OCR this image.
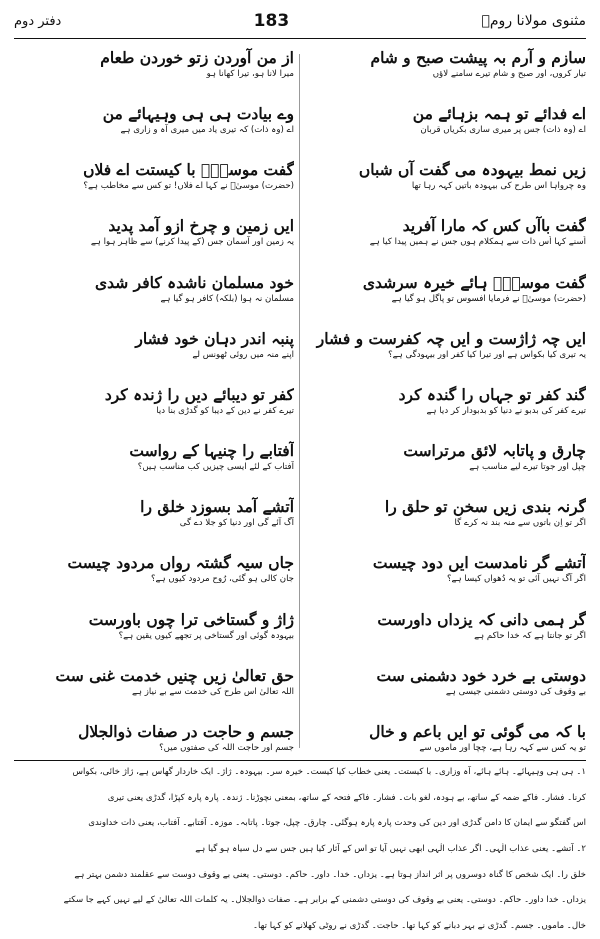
دفتر دوم	183	مثنوی مولانا رومؒ
سازم و آرم بہ پیشت صبح و شام
تیار کروں، اور صبح و شام تیرے سامنے لاؤں
اے فدائے تو ہمہ بزہائے من
اے (وہ ذات) جس پر میری ساری بکریاں قربان
زیں نمط بیہودہ می گفت آں شباں
وہ چرواہا اس طرح کی بیہودہ باتیں کہہ رہا تھا
گفت باآں کس کہ مارا آفرید
اُسنے کہا اُس ذات سے ہمکلام ہوں جس نے ہمیں پیدا کیا ہے
گفت موسیٰؑ ہائے خیرہ سرشدی
(حضرت) موسیٰؑ نے فرمایا افسوس تو پاگل ہو گیا ہے
ایں چہ ژاژست و ایں چہ کفرست و فشار
یہ تیری کیا بکواس ہے اور تیرا کیا کفر اور بیہودگی ہے؟
گند کفر تو جہاں را گندہ کرد
تیرے کفر کی بدبو نے دنیا کو بدبودار کر دیا ہے
چارق و پاتابہ لائق مرتراست
چپل اور جوتا تیرے لیے مناسب ہے
گرنہ بندی زیں سخن تو حلق را
اگر تو اِن باتوں سے منہ بند نہ کرے گا
آتشے گر نامدست ایں دود چیست
اگر آگ نہیں آئی تو یہ دُھواں کیسا ہے؟
گر ہمی دانی کہ یزداں داورست
اگر تو جانتا ہے کہ خدا حاکم ہے
دوستی بے خرد خود دشمنی ست
بے وقوف کی دوستی دشمنی جیسی ہے
با کہ می گوئی تو ایں باعم و خال
تو یہ کس سے کہہ رہا ہے، چچا اور ماموں سے
از من آوردن زتو خوردن طعام
میرا لانا ہو، تیرا کھانا ہو
وے بیادت ہی ہی وہیہائے من
اے (وہ ذات) کہ تیری یاد میں میری آہ و زاری ہے
گفت موسیٰؑ با کیستت اے فلاں
(حضرت) موسیٰؑ نے کہا اے فلاں! تو کس سے مخاطب ہے؟
ایں زمین و چرخ ازو آمد پدید
یہ زمین اور آسمان جس (کے پیدا کرنے) سے ظاہر ہوا ہے
خود مسلمان ناشدہ کافر شدی
مسلمان نہ ہوا (بلکہ) کافر ہو گیا ہے
پنبہ اندر دہان خود فشار
اپنے منہ میں روئی ٹھونس لے
کفر تو دیبائے دیں را ژندہ کرد
تیرے کفر نے دین کے دیبا کو گدڑی بنا دیا
آفتابے را چنیہا کے رواست
آفتاب کے لئے ایسی چیزیں کب مناسب ہیں؟
آتشے آمد بسوزد خلق را
آگ آئے گی اور دنیا کو جلا دے گی
جاں سیہ گشتہ رواں مردود چیست
جان کالی ہو گئی، رُوح مردود کیوں ہے؟
ژاژ و گستاخی ترا چوں باورست
بیہودہ گوئی اور گستاخی پر تجھے کیوں یقین ہے؟
حق تعالیٰ زیں چنیں خدمت غنی ست
اللہ تعالیٰ اس طرح کی خدمت سے بے نیاز ہے
جسم و حاجت در صفات ذوالجلال
جسم اور حاجت اللہ کی صفتوں میں؟
۱۔ ہی ہی وہیہائے۔ ہائے ہائے، آہ وزاری۔ با کیستت۔ یعنی خطاب کیا کیست۔ خیرہ سر۔ بیہودہ۔ ژاژ۔ ایک خاردار گھاس ہے، ژاژ خائی، بکواس
کرنا۔ فشار۔ فاکے ضمہ کے ساتھ، بے ہودہ، لغو بات۔ فشار۔ فاکے فتحہ کے ساتھ، بمعنی نچوڑنا۔ ژندہ۔ پارہ پارہ کپڑا، گدڑی یعنی تیری
اس گفتگو سے ایمان کا دامن گدڑی اور دین کی وحدت پارہ پارہ ہوگئی۔ چارق۔ چپل، جوتا۔ پاتابہ۔ موزہ۔ آفتابے۔ آفتاب، یعنی ذات خداوندی
۲۔ آتشے۔ یعنی عذاب الٰہی۔ اگر عذاب الٰہی ابھی نہیں آیا تو اس کے آثار کیا ہیں جس سے دل سیاہ ہو گیا ہے
خلق را۔ ایک شخص کا گناہ دوسروں پر اثر انداز ہوتا ہے۔ یزداں۔ خدا۔ داور۔ حاکم۔ دوستی۔ یعنی بے وقوف دوست سے عقلمند دشمن بہتر ہے
یزداں۔ خدا داور۔ حاکم۔ دوستی۔ یعنی بے وقوف کی دوستی دشمنی کے برابر ہے۔ صفات ذوالجلال۔ یہ کلمات اللہ تعالیٰ کے لیے نہیں کہے جا سکتے
خال۔ ماموں۔ جسم۔ گدڑی نے بہر دبانے کو کہا تھا۔ حاجت۔ گدڑی نے روٹی کھلانے کو کہا تھا۔
